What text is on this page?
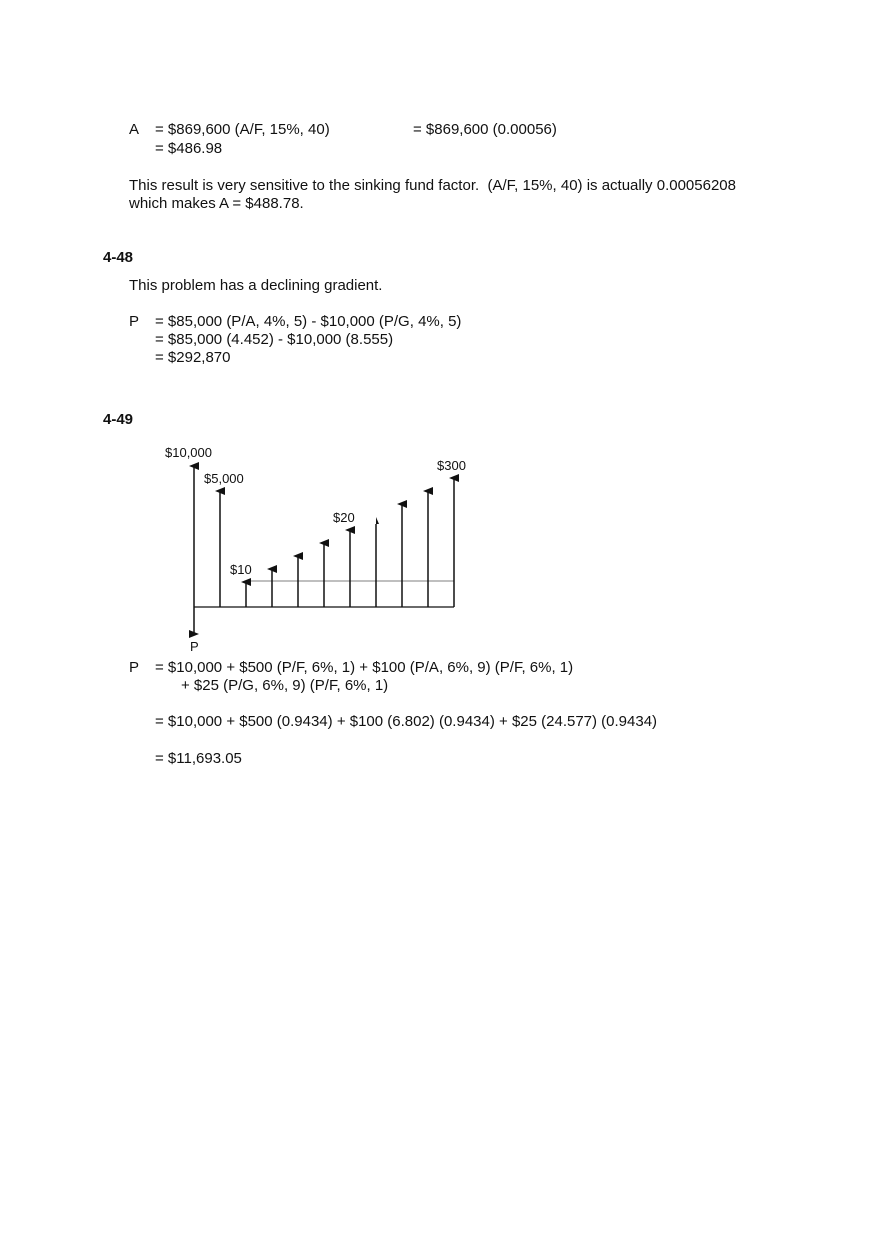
A = $869,600 (A/F, 15%, 40)	= $869,600 (0.00056)
= $486.98
This result is very sensitive to the sinking fund factor.  (A/F, 15%, 40) is actually 0.00056208
which makes A = $488.78.
4-48
This problem has a declining gradient.
P = $85,000 (P/A, 4%, 5) - $10,000 (P/G, 4%, 5)
= $85,000 (4.452) - $10,000 (8.555)
= $292,870
4-49
$10,000
$5,000
$300
$20
$10
P
P = $10,000 + $500 (P/F, 6%, 1) + $100 (P/A, 6%, 9) (P/F, 6%, 1)
+ $25 (P/G, 6%, 9) (P/F, 6%, 1)
= $10,000 + $500 (0.9434) + $100 (6.802) (0.9434) + $25 (24.577) (0.9434)
= $11,693.05
